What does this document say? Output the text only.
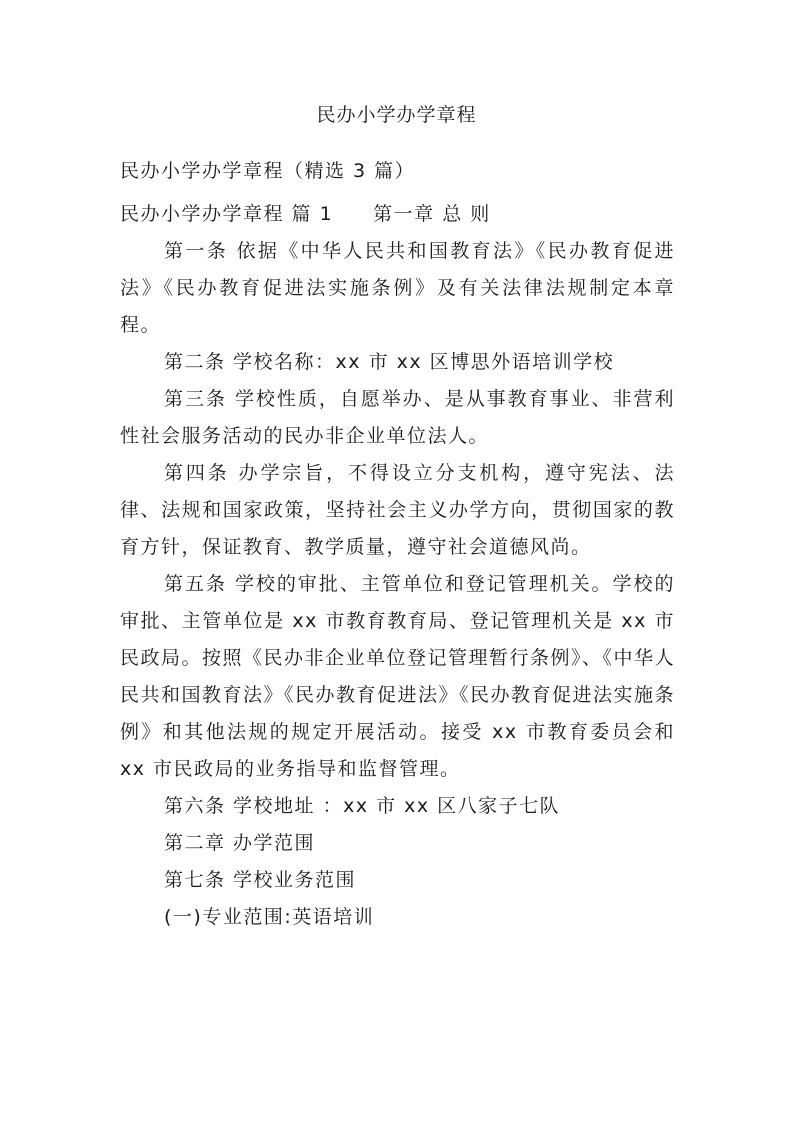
民办小学办学章程

民办小学办学章程（精选 3 篇）

民办小学办学章程 篇 1 第一章 总 则

第一条 依据《中华人民共和国教育法》《民办教育促进法》《民办教育促进法实施条例》及有关法律法规制定本章程。

第二条 学校名称：xx 市 xx 区博思外语培训学校

第三条 学校性质，自愿举办、是从事教育事业、非营利性社会服务活动的民办非企业单位法人。

第四条 办学宗旨，不得设立分支机构，遵守宪法、法律、法规和国家政策，坚持社会主义办学方向，贯彻国家的教育方针，保证教育、教学质量，遵守社会道德风尚。

第五条 学校的审批、主管单位和登记管理机关。学校的审批、主管单位是 xx 市教育教育局、登记管理机关是 xx 市民政局。按照《民办非企业单位登记管理暂行条例》、《中华人民共和国教育法》《民办教育促进法》《民办教育促进法实施条例》和其他法规的规定开展活动。接受 xx 市教育委员会和 xx 市民政局的业务指导和监督管理。

第六条 学校地址 ：xx 市 xx 区八家子七队

第二章 办学范围

第七条 学校业务范围

(一)专业范围:英语培训
